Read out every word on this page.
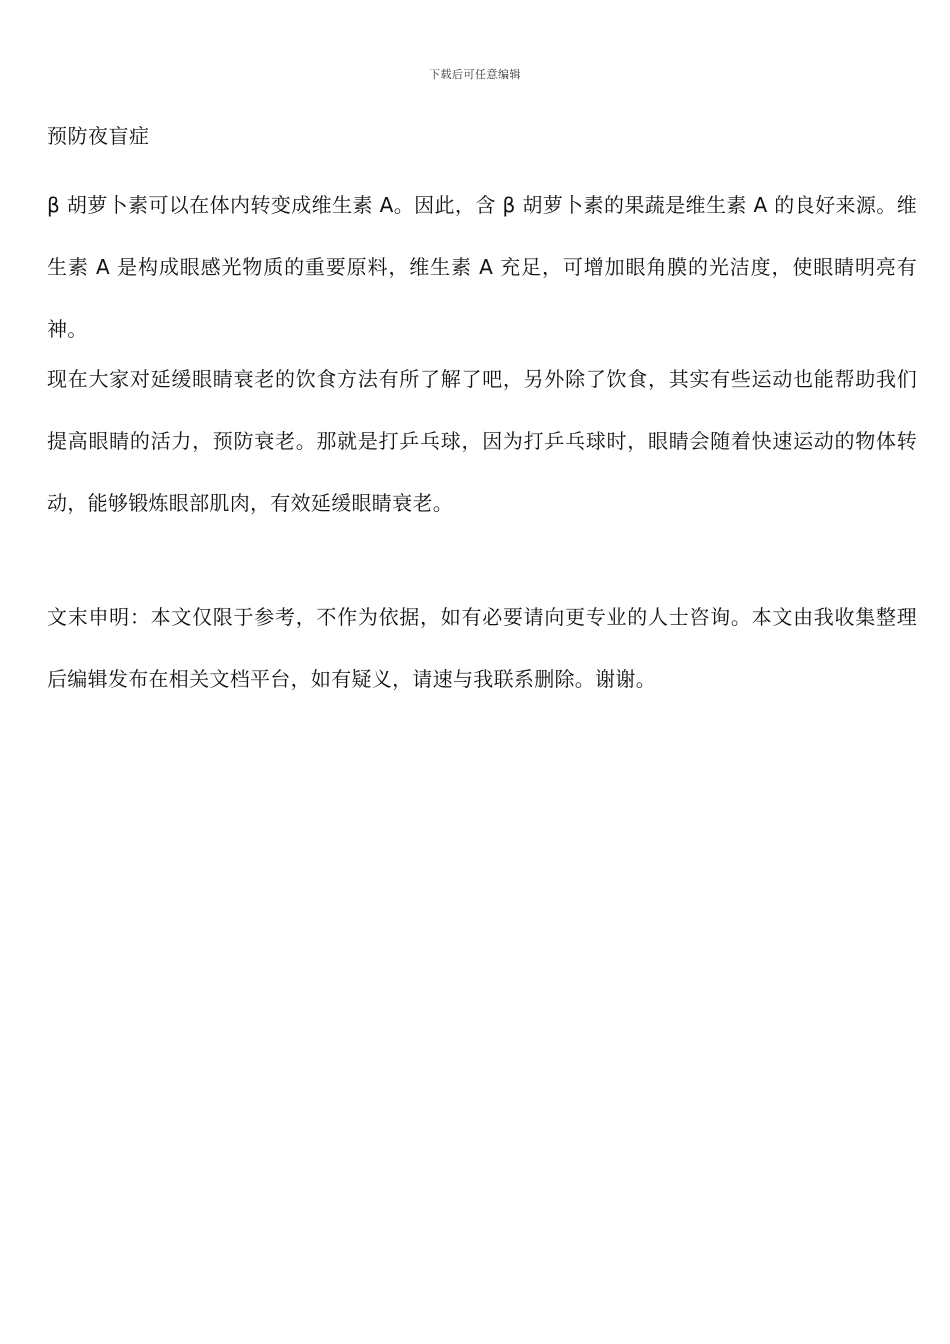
下载后可任意编辑
预防夜盲症

β 胡萝卜素可以在体内转变成维生素 A。因此，含 β 胡萝卜素的果蔬是维生素 A 的良好来源。维生素 A 是构成眼感光物质的重要原料，维生素 A 充足，可增加眼角膜的光洁度，使眼睛明亮有神。

现在大家对延缓眼睛衰老的饮食方法有所了解了吧，另外除了饮食，其实有些运动也能帮助我们提高眼睛的活力，预防衰老。那就是打乒乓球，因为打乒乓球时，眼睛会随着快速运动的物体转动，能够锻炼眼部肌肉，有效延缓眼睛衰老。

文末申明：本文仅限于参考，不作为依据，如有必要请向更专业的人士咨询。本文由我收集整理后编辑发布在相关文档平台，如有疑义，请速与我联系删除。谢谢。
